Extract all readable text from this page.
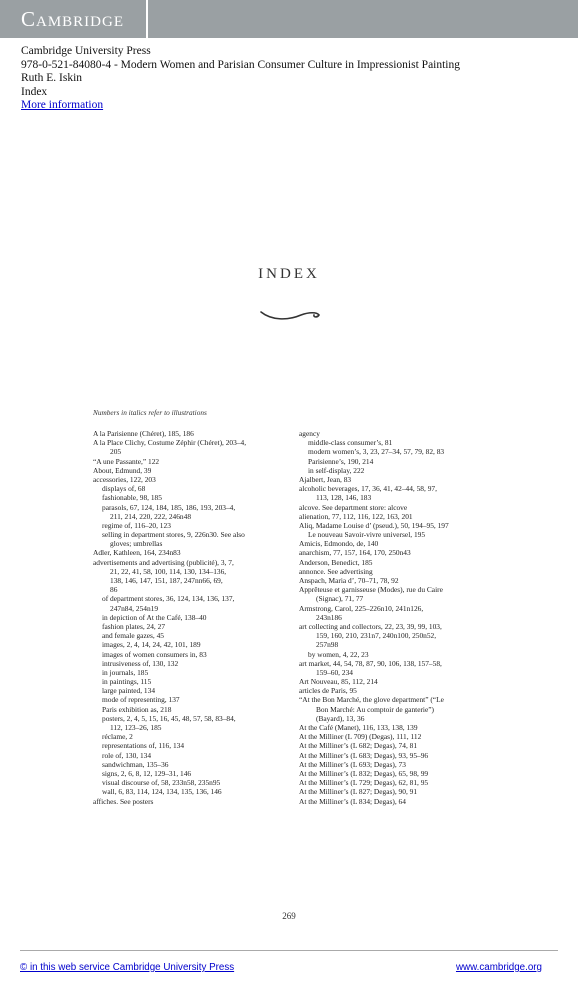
Cambridge
Cambridge University Press
978-0-521-84080-4 - Modern Women and Parisian Consumer Culture in Impressionist Painting
Ruth E. Iskin
Index
More information
INDEX
Numbers in italics refer to illustrations
A la Parisienne (Chéret), 185, 186
A la Place Clichy, Costume Zéphir (Chéret), 203–4,
205
“A une Passante,” 122
About, Edmund, 39
accessories, 122, 203
displays of, 68
fashionable, 98, 185
parasols, 67, 124, 184, 185, 186, 193, 203–4,
211, 214, 220, 222, 246n48
regime of, 116–20, 123
selling in department stores, 9, 226n30. See also
gloves; umbrellas
Adler, Kathleen, 164, 234n83
advertisements and advertising (publicité), 3, 7,
21, 22, 41, 58, 100, 114, 130, 134–136,
138, 146, 147, 151, 187, 247nn66, 69,
86
of department stores, 36, 124, 134, 136, 137,
247n84, 254n19
in depiction of At the Café, 138–40
fashion plates, 24, 27
and female gazes, 45
images, 2, 4, 14, 24, 42, 101, 189
images of women consumers in, 83
intrusiveness of, 130, 132
in journals, 185
in paintings, 115
large painted, 134
mode of representing, 137
Paris exhibition as, 218
posters, 2, 4, 5, 15, 16, 45, 48, 57, 58, 83–84,
112, 123–26, 185
réclame, 2
representations of, 116, 134
role of, 130, 134
sandwichman, 135–36
signs, 2, 6, 8, 12, 129–31, 146
visual discourse of, 58, 233n58, 235n95
wall, 6, 83, 114, 124, 134, 135, 136, 146
affiches. See posters
agency
middle-class consumer’s, 81
modern women’s, 3, 23, 27–34, 57, 79, 82, 83
Parisienne’s, 190, 214
in self-display, 222
Ajalbert, Jean, 83
alcoholic beverages, 17, 36, 41, 42–44, 58, 97,
113, 128, 146, 183
alcove. See department store: alcove
alienation, 77, 112, 116, 122, 163, 201
Aliq, Madame Louise d’ (pseud.), 50, 194–95, 197
Le nouveau Savoir-vivre universel, 195
Amicis, Edmondo, de, 140
anarchism, 77, 157, 164, 170, 250n43
Anderson, Benedict, 185
annonce. See advertising
Anspach, Maria d’, 70–71, 78, 92
Apprêteuse et garnisseuse (Modes), rue du Caire
(Signac), 71, 77
Armstrong, Carol, 225–226n10, 241n126,
243n186
art collecting and collectors, 22, 23, 39, 99, 103,
159, 160, 210, 231n7, 240n100, 250n52,
257n98
by women, 4, 22, 23
art market, 44, 54, 78, 87, 90, 106, 138, 157–58,
159–60, 234
Art Nouveau, 85, 112, 214
articles de Paris, 95
“At the Bon Marché, the glove department” (“Le
Bon Marché: Au comptoir de ganterie”)
(Bayard), 13, 36
At the Café (Manet), 116, 133, 138, 139
At the Milliner (L 709) (Degas), 111, 112
At the Milliner’s (L 682; Degas), 74, 81
At the Milliner’s (L 683; Degas), 93, 95–96
At the Milliner’s (L 693; Degas), 73
At the Milliner’s (L 832; Degas), 65, 98, 99
At the Milliner’s (L 729; Degas), 62, 81, 95
At the Milliner’s (L 827; Degas), 90, 91
At the Milliner’s (L 834; Degas), 64
269
© in this web service Cambridge University Press	www.cambridge.org
